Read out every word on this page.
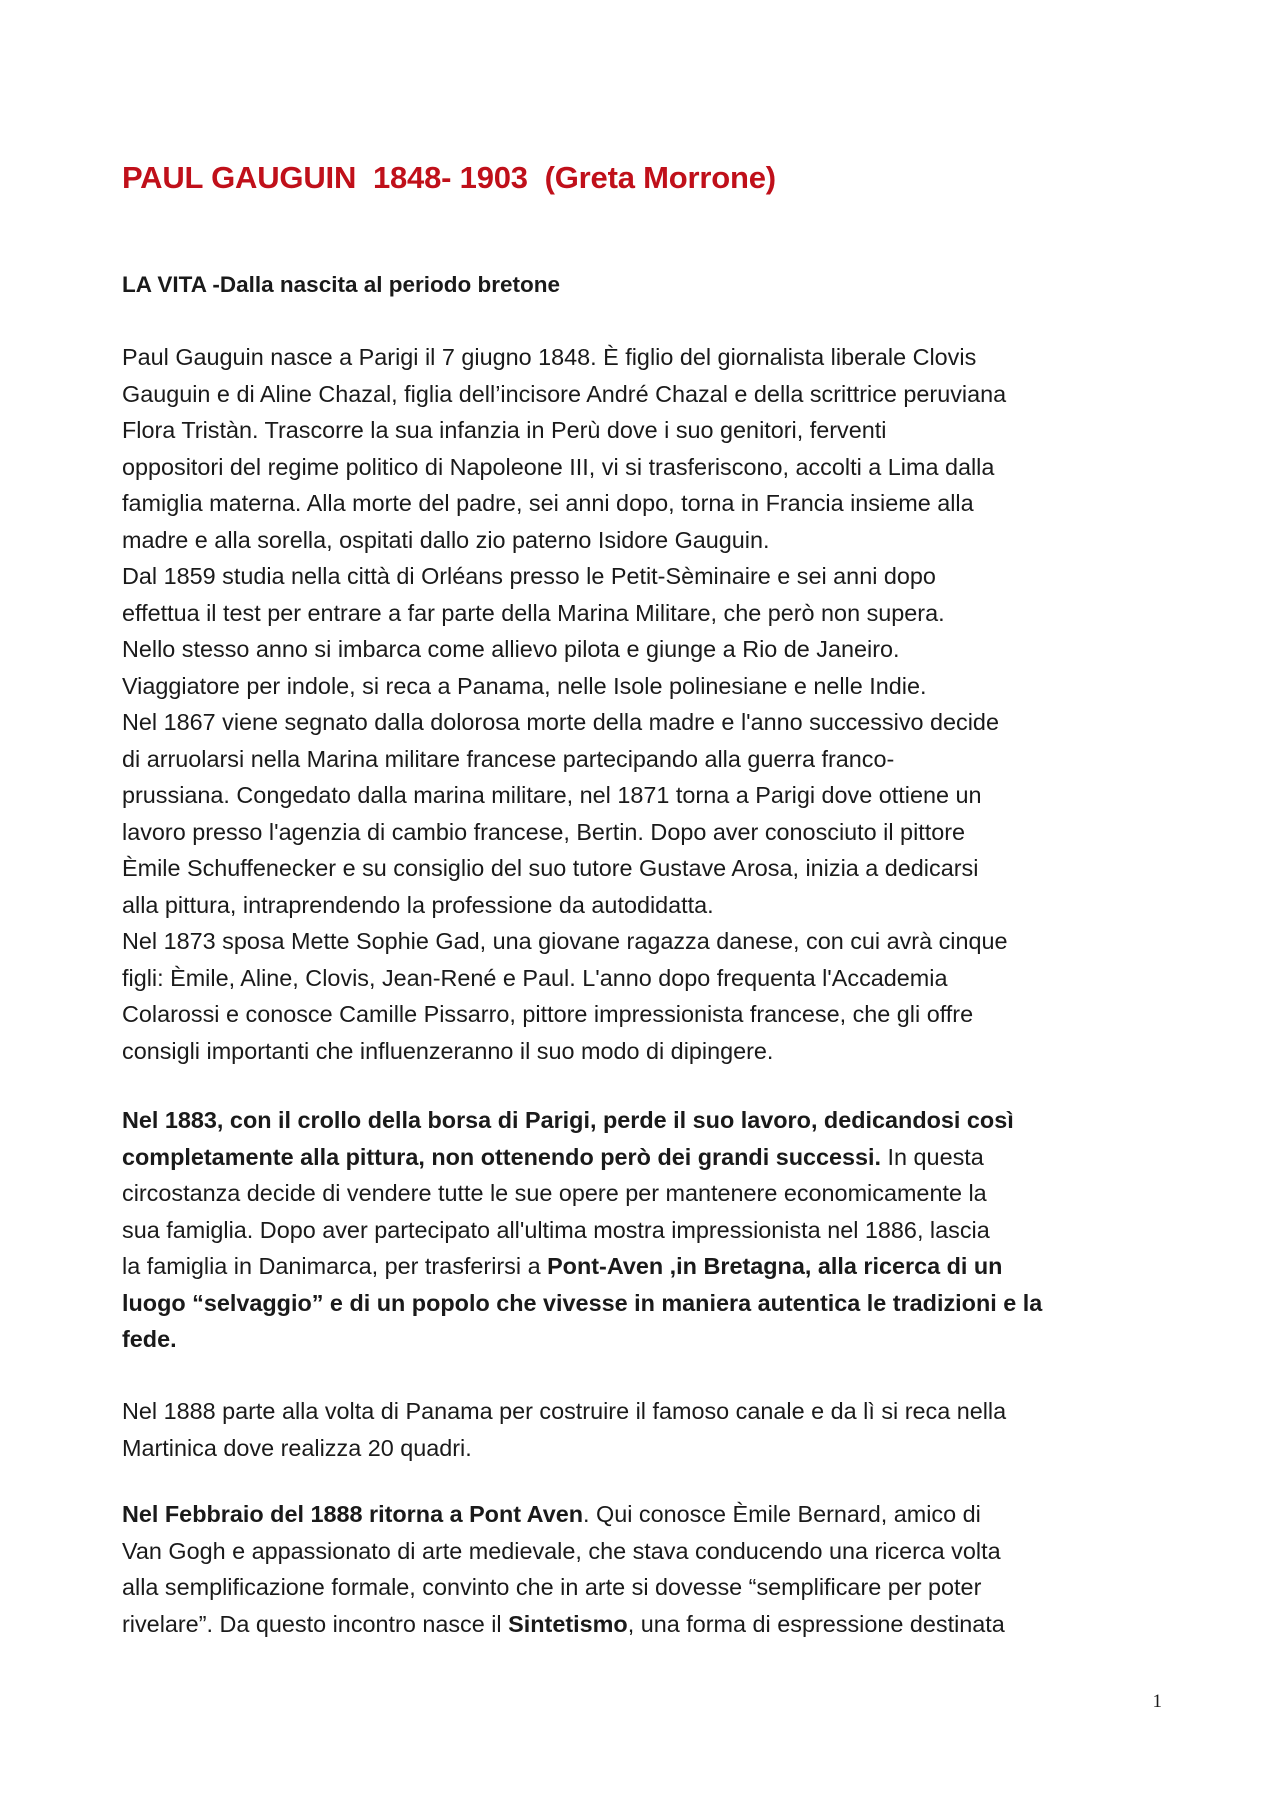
PAUL GAUGUIN  1848- 1903  (Greta Morrone)
LA VITA -Dalla nascita al periodo bretone

Paul Gauguin nasce a Parigi il 7 giugno 1848. È figlio del giornalista liberale Clovis
Gauguin e di Aline Chazal, figlia dell’incisore André Chazal e della scrittrice peruviana
Flora Tristàn. Trascorre la sua infanzia in Perù dove i suo genitori, ferventi
oppositori del regime politico di Napoleone III, vi si trasferiscono, accolti a Lima dalla
famiglia materna. Alla morte del padre, sei anni dopo, torna in Francia insieme alla
madre e alla sorella, ospitati dallo zio paterno Isidore Gauguin.
Dal 1859 studia nella città di Orléans presso le Petit-Sèminaire e sei anni dopo
effettua il test per entrare a far parte della Marina Militare, che però non supera.
Nello stesso anno si imbarca come allievo pilota e giunge a Rio de Janeiro.
Viaggiatore per indole, si reca a Panama, nelle Isole polinesiane e nelle Indie.
Nel 1867 viene segnato dalla dolorosa morte della madre e l'anno successivo decide
di arruolarsi nella Marina militare francese partecipando alla guerra franco-
prussiana. Congedato dalla marina militare, nel 1871 torna a Parigi dove ottiene un
lavoro presso l'agenzia di cambio francese, Bertin. Dopo aver conosciuto il pittore
Èmile Schuffenecker e su consiglio del suo tutore Gustave Arosa, inizia a dedicarsi
alla pittura, intraprendendo la professione da autodidatta.
Nel 1873 sposa Mette Sophie Gad, una giovane ragazza danese, con cui avrà cinque
figli: Èmile, Aline, Clovis, Jean-René e Paul. L'anno dopo frequenta l'Accademia
Colarossi e conosce Camille Pissarro, pittore impressionista francese, che gli offre
consigli importanti che influenzeranno il suo modo di dipingere.

Nel 1883, con il crollo della borsa di Parigi, perde il suo lavoro, dedicandosi così
completamente alla pittura, non ottenendo però dei grandi successi. In questa
circostanza decide di vendere tutte le sue opere per mantenere economicamente la
sua famiglia. Dopo aver partecipato all'ultima mostra impressionista nel 1886, lascia
la famiglia in Danimarca, per trasferirsi a Pont-Aven ,in Bretagna, alla ricerca di un
luogo “selvaggio” e di un popolo che vivesse in maniera autentica le tradizioni e la
fede.

Nel 1888 parte alla volta di Panama per costruire il famoso canale e da lì si reca nella
Martinica dove realizza 20 quadri.

Nel Febbraio del 1888 ritorna a Pont Aven. Qui conosce Èmile Bernard, amico di
Van Gogh e appassionato di arte medievale, che stava conducendo una ricerca volta
alla semplificazione formale, convinto che in arte si dovesse “semplificare per poter
rivelare”. Da questo incontro nasce il Sintetismo, una forma di espressione destinata

1
